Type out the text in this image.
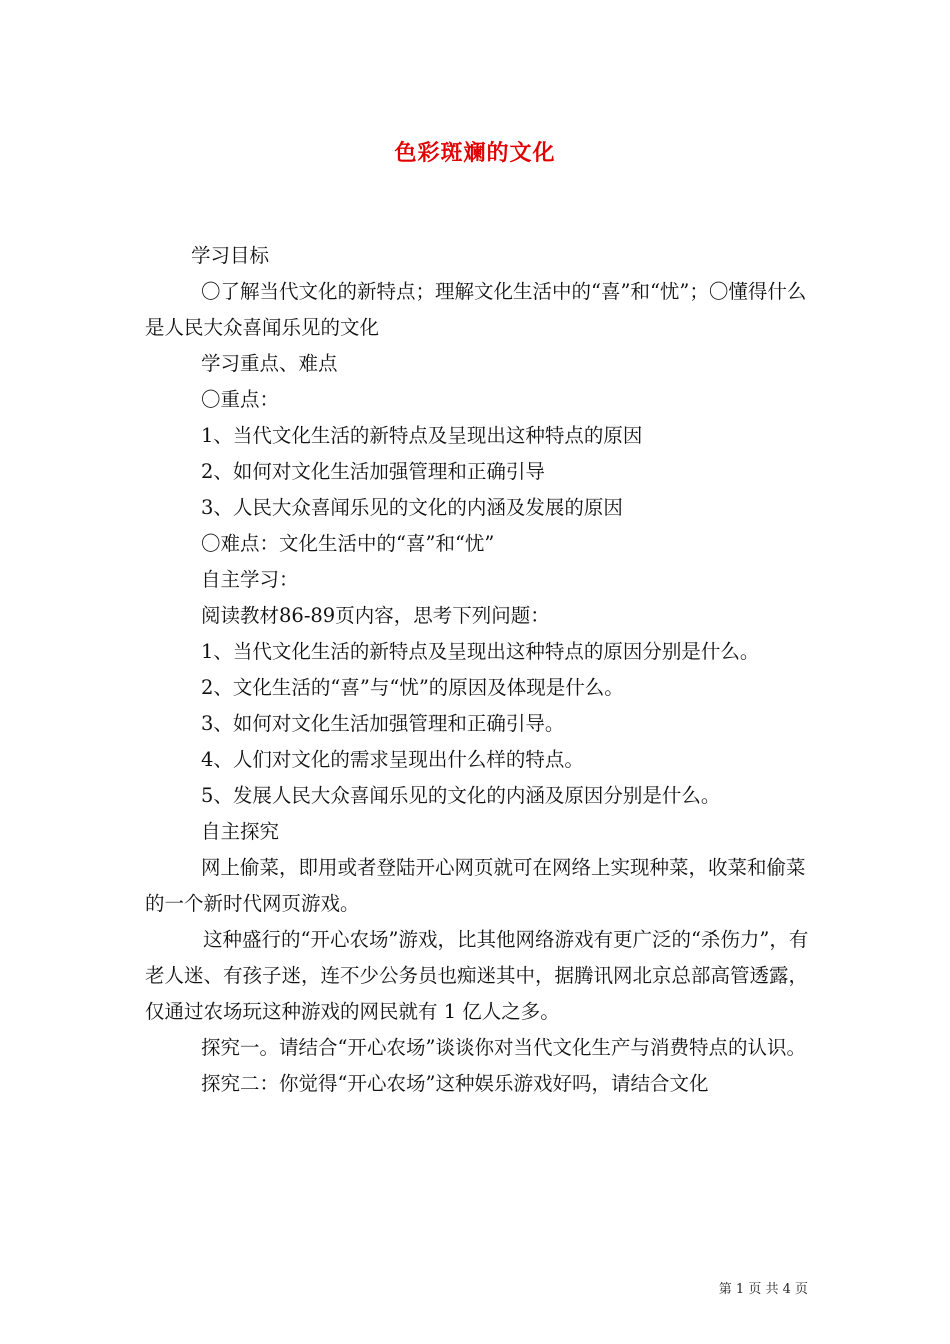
色彩斑斓的文化

学习目标

〇了解当代文化的新特点；理解文化生活中的“喜”和“忧”；〇懂得什么是人民大众喜闻乐见的文化

学习重点、难点

〇重点：

1、当代文化生活的新特点及呈现出这种特点的原因

2、如何对文化生活加强管理和正确引导

3、人民大众喜闻乐见的文化的内涵及发展的原因

〇难点：文化生活中的“喜”和“忧”

自主学习：

阅读教材86-89页内容，思考下列问题：

1、当代文化生活的新特点及呈现出这种特点的原因分别是什么。

2、文化生活的“喜”与“忧”的原因及体现是什么。

3、如何对文化生活加强管理和正确引导。

4、人们对文化的需求呈现出什么样的特点。

5、发展人民大众喜闻乐见的文化的内涵及原因分别是什么。

自主探究

网上偷菜，即用或者登陆开心网页就可在网络上实现种菜，收菜和偷菜的一个新时代网页游戏。

这种盛行的“开心农场”游戏，比其他网络游戏有更广泛的“杀伤力”，有老人迷、有孩子迷，连不少公务员也痴迷其中，据腾讯网北京总部高管透露，仅通过农场玩这种游戏的网民就有 1 亿人之多。

探究一。请结合“开心农场”谈谈你对当代文化生产与消费特点的认识。

探究二：你觉得“开心农场”这种娱乐游戏好吗，请结合文化

第 1 页 共 4 页
